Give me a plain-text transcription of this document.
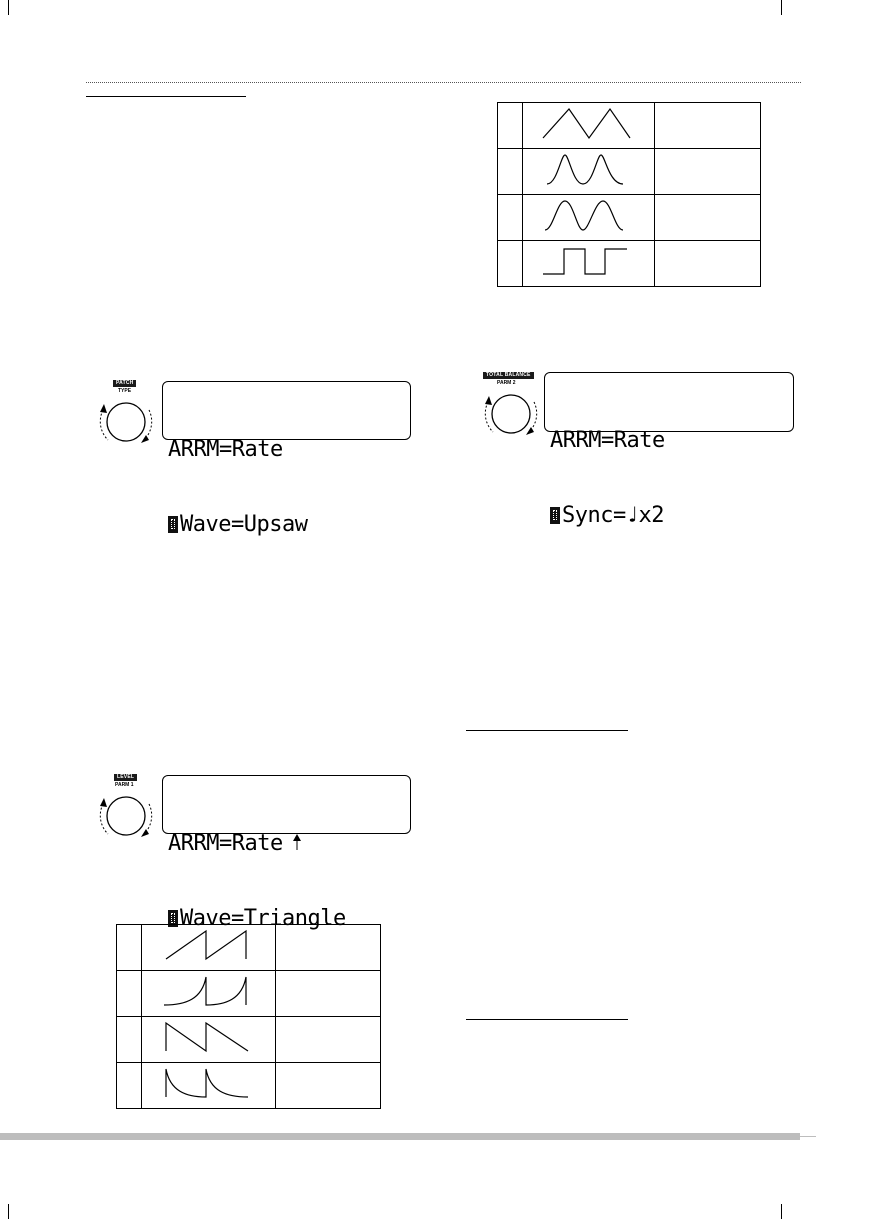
PATCH
TYPE

ARRM=Rate

Wave=Upsaw

TOTAL BALANCE
PARM 2

ARRM=Rate

Sync=♩x2

LEVEL
PARM 1

ARRM=Rate

Wave=Triangle
